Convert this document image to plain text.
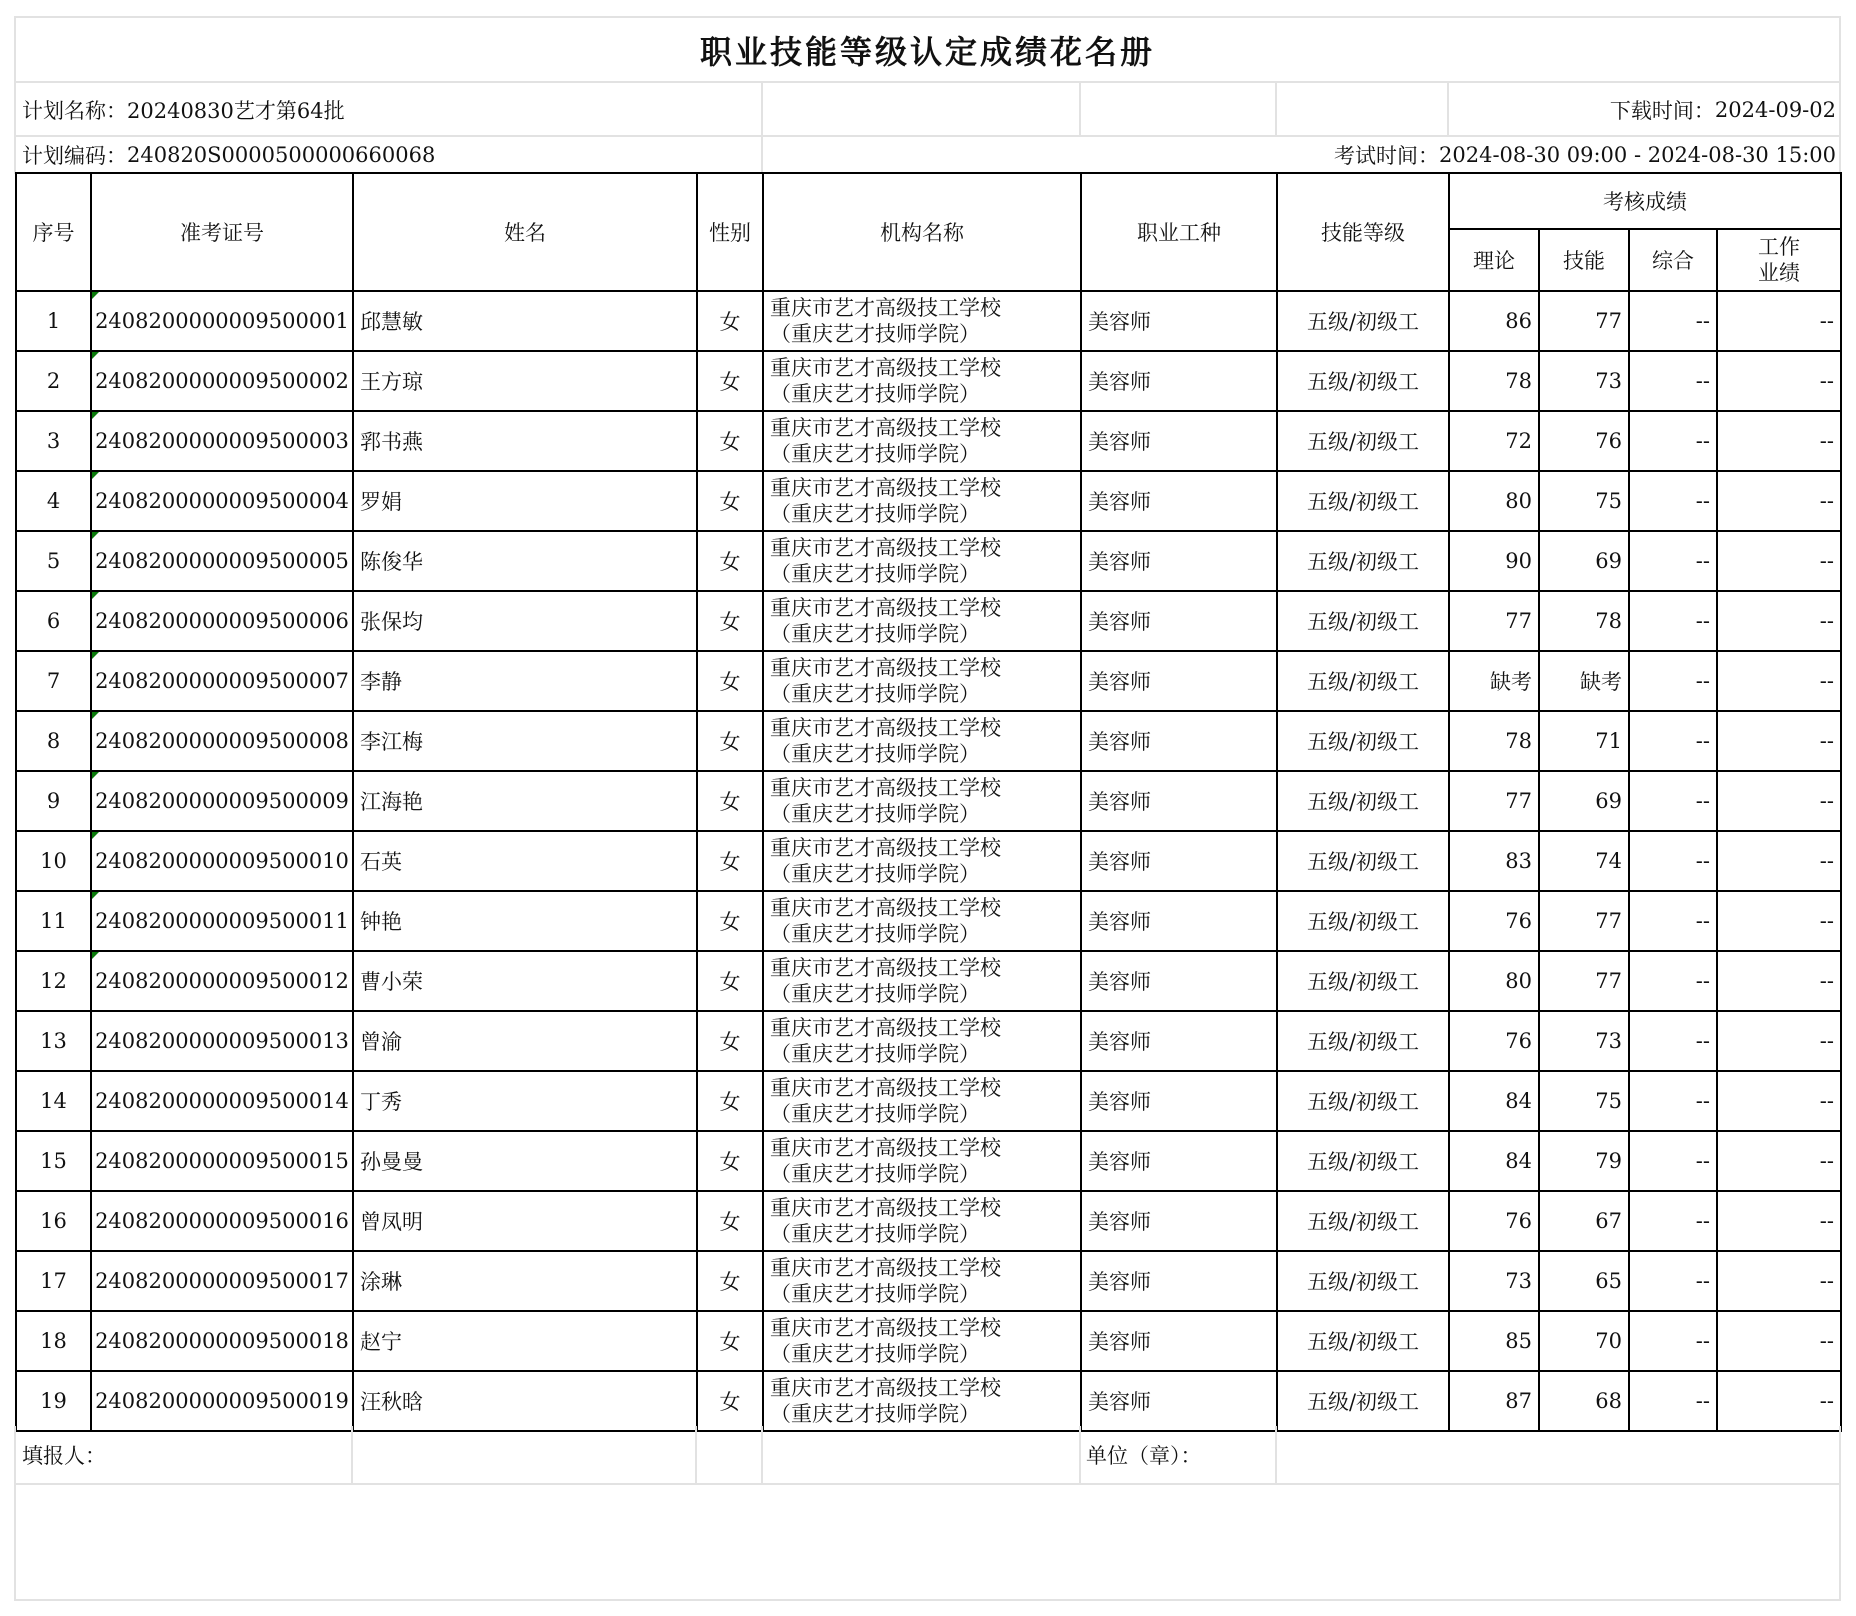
职业技能等级认定成绩花名册
计划名称： 20240830艺才第64批	下载时间： 2024-09-02
计划编码： 240820S0000500000660068	考试时间： 2024-08-30 09:00 - 2024-08-30 15:00
序号	准考证号	姓名	性别	机构名称	职业工种	技能等级	考核成绩			
							理论	技能	综合	工作
业绩

1	2408200000009500001	邱慧敏	女	重庆市艺才高级技工学校
（重庆艺才技师学院）	美容师	五级/初级工	86	77	--	--
2	2408200000009500002	王方琼	女	重庆市艺才高级技工学校
（重庆艺才技师学院）	美容师	五级/初级工	78	73	--	--
3	2408200000009500003	郛书燕	女	重庆市艺才高级技工学校
（重庆艺才技师学院）	美容师	五级/初级工	72	76	--	--
4	2408200000009500004	罗娟	女	重庆市艺才高级技工学校
（重庆艺才技师学院）	美容师	五级/初级工	80	75	--	--
5	2408200000009500005	陈俊华	女	重庆市艺才高级技工学校
（重庆艺才技师学院）	美容师	五级/初级工	90	69	--	--
6	2408200000009500006	张保均	女	重庆市艺才高级技工学校
（重庆艺才技师学院）	美容师	五级/初级工	77	78	--	--
7	2408200000009500007	李静	女	重庆市艺才高级技工学校
（重庆艺才技师学院）	美容师	五级/初级工	缺考	缺考	--	--
8	2408200000009500008	李江梅	女	重庆市艺才高级技工学校
（重庆艺才技师学院）	美容师	五级/初级工	78	71	--	--
9	2408200000009500009	江海艳	女	重庆市艺才高级技工学校
（重庆艺才技师学院）	美容师	五级/初级工	77	69	--	--
10	2408200000009500010	石英	女	重庆市艺才高级技工学校
（重庆艺才技师学院）	美容师	五级/初级工	83	74	--	--
11	2408200000009500011	钟艳	女	重庆市艺才高级技工学校
（重庆艺才技师学院）	美容师	五级/初级工	76	77	--	--
12	2408200000009500012	曹小荣	女	重庆市艺才高级技工学校
（重庆艺才技师学院）	美容师	五级/初级工	80	77	--	--
13	2408200000009500013	曾渝	女	重庆市艺才高级技工学校
（重庆艺才技师学院）	美容师	五级/初级工	76	73	--	--
14	2408200000009500014	丁秀	女	重庆市艺才高级技工学校
（重庆艺才技师学院）	美容师	五级/初级工	84	75	--	--
15	2408200000009500015	孙曼曼	女	重庆市艺才高级技工学校
（重庆艺才技师学院）	美容师	五级/初级工	84	79	--	--
16	2408200000009500016	曾凤明	女	重庆市艺才高级技工学校
（重庆艺才技师学院）	美容师	五级/初级工	76	67	--	--
17	2408200000009500017	涂琳	女	重庆市艺才高级技工学校
（重庆艺才技师学院）	美容师	五级/初级工	73	65	--	--
18	2408200000009500018	赵宁	女	重庆市艺才高级技工学校
（重庆艺才技师学院）	美容师	五级/初级工	85	70	--	--
19	2408200000009500019	汪秋晗	女	重庆市艺才高级技工学校
（重庆艺才技师学院）	美容师	五级/初级工	87	68	--	--
填报人：	单位（章）：
